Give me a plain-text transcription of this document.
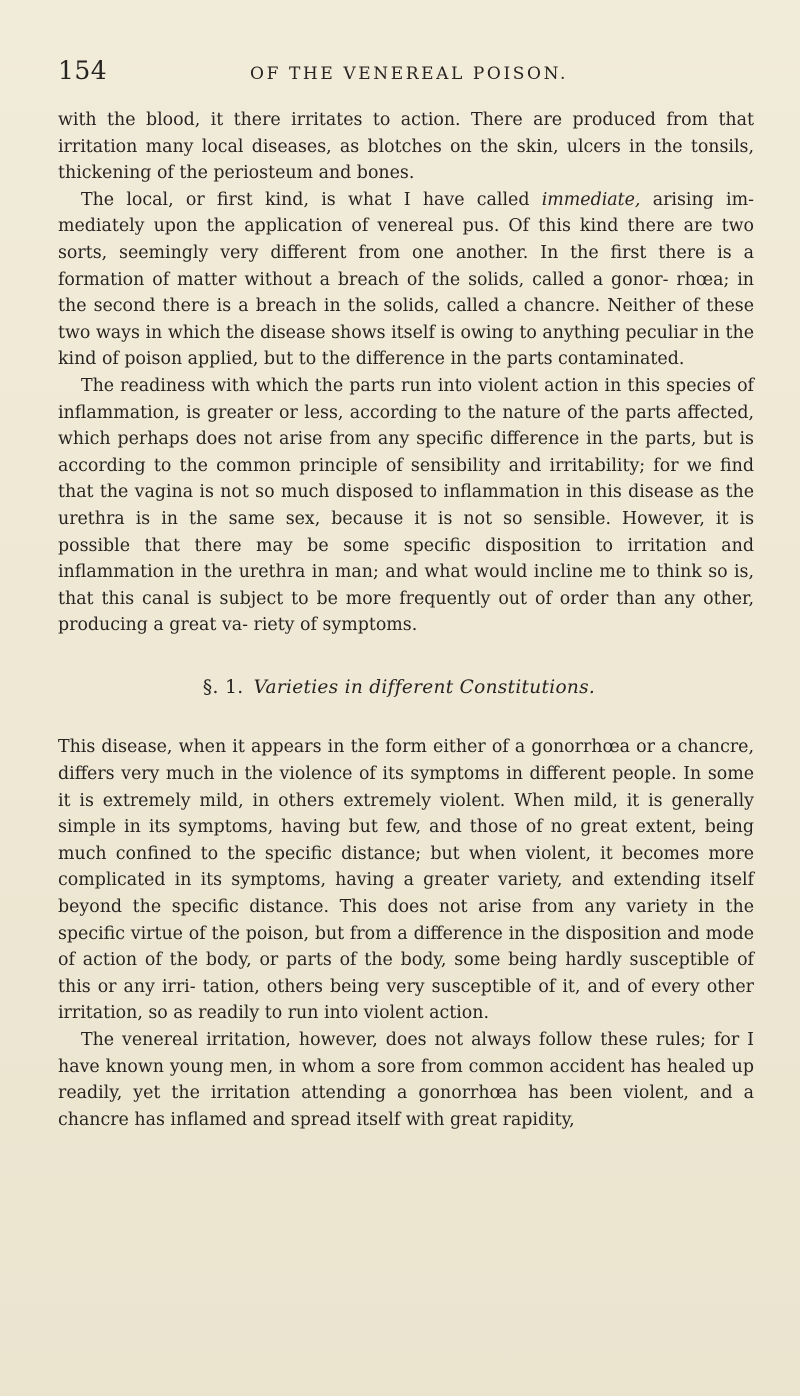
154	OF THE VENEREAL POISON.

with the blood, it there irritates to action. There are produced from that irritation many local diseases, as blotches on the skin, ulcers in the tonsils, thickening of the periosteum and bones.

The local, or first kind, is what I have called immediate, arising im- mediately upon the application of venereal pus. Of this kind there are two sorts, seemingly very different from one another. In the first there is a formation of matter without a breach of the solids, called a gonor- rhœa; in the second there is a breach in the solids, called a chancre. Neither of these two ways in which the disease shows itself is owing to anything peculiar in the kind of poison applied, but to the difference in the parts contaminated.

The readiness with which the parts run into violent action in this species of inflammation, is greater or less, according to the nature of the parts affected, which perhaps does not arise from any specific difference in the parts, but is according to the common principle of sensibility and irritability; for we find that the vagina is not so much disposed to inflammation in this disease as the urethra is in the same sex, because it is not so sensible. However, it is possible that there may be some specific disposition to irritation and inflammation in the urethra in man; and what would incline me to think so is, that this canal is subject to be more frequently out of order than any other, producing a great va- riety of symptoms.

§. 1. Varieties in different Constitutions.

This disease, when it appears in the form either of a gonorrhœa or a chancre, differs very much in the violence of its symptoms in different people. In some it is extremely mild, in others extremely violent. When mild, it is generally simple in its symptoms, having but few, and those of no great extent, being much confined to the specific distance; but when violent, it becomes more complicated in its symptoms, having a greater variety, and extending itself beyond the specific distance. This does not arise from any variety in the specific virtue of the poison, but from a difference in the disposition and mode of action of the body, or parts of the body, some being hardly susceptible of this or any irri- tation, others being very susceptible of it, and of every other irritation, so as readily to run into violent action.

The venereal irritation, however, does not always follow these rules; for I have known young men, in whom a sore from common accident has healed up readily, yet the irritation attending a gonorrhœa has been violent, and a chancre has inflamed and spread itself with great rapidity,
